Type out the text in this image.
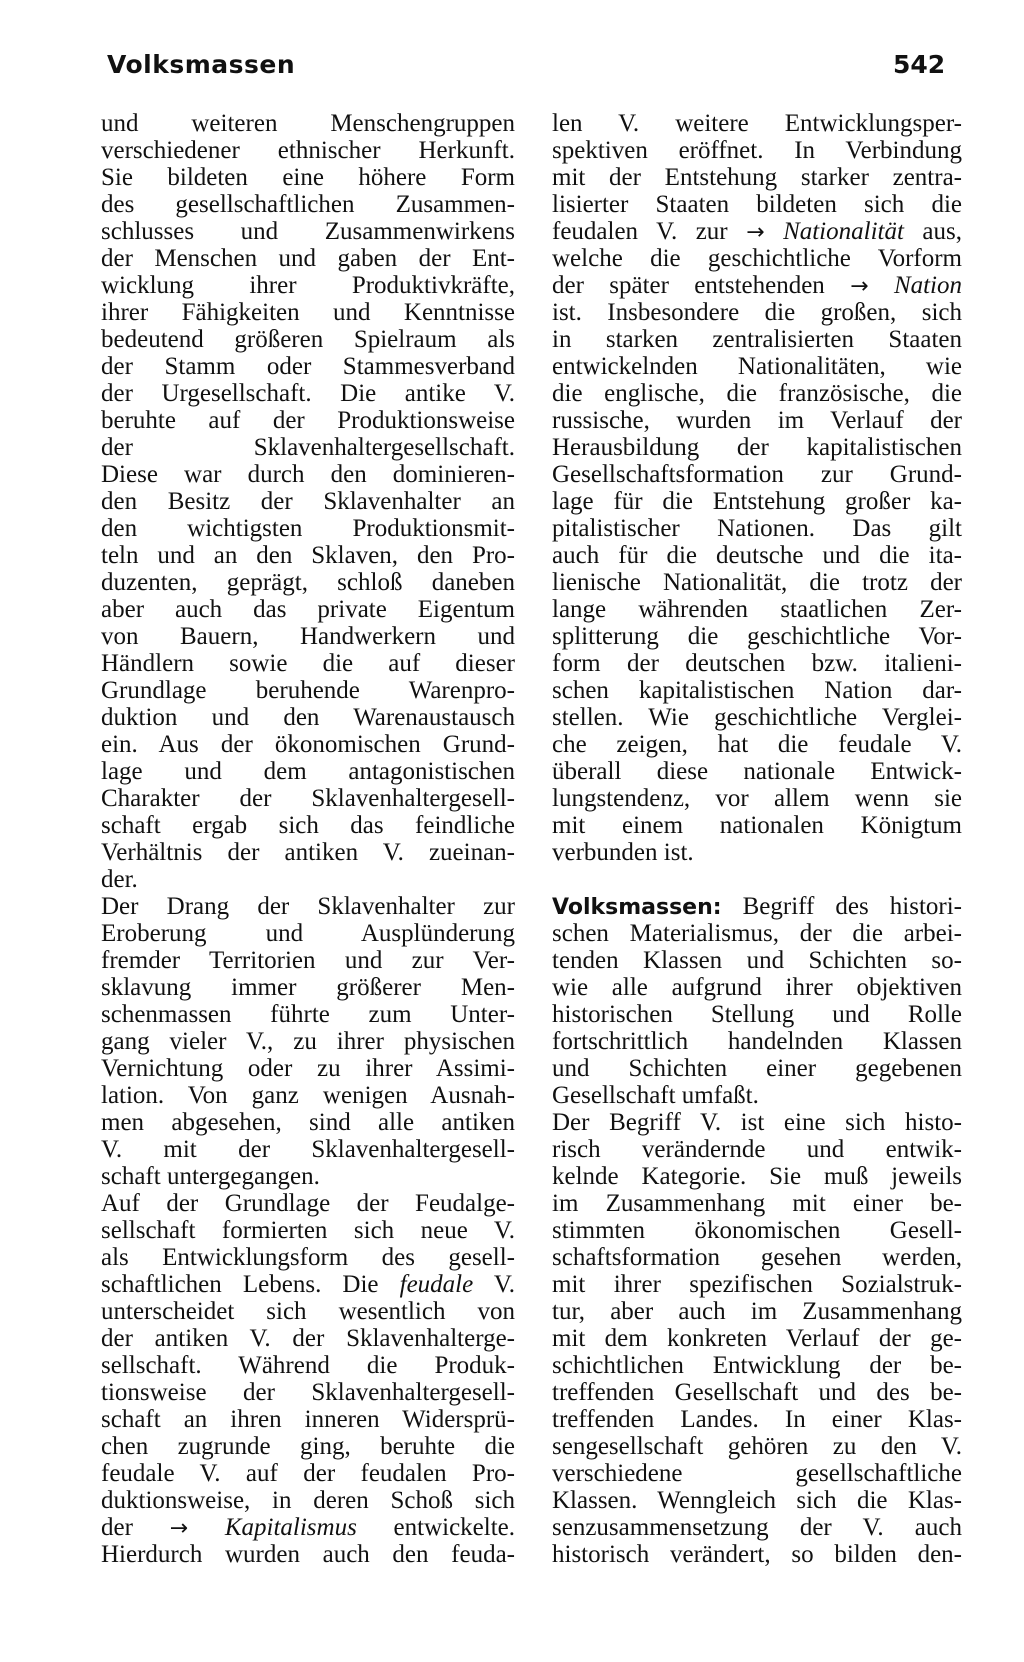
Volksmassen	542
und weiteren Menschengruppen
verschiedener ethnischer Herkunft.
Sie bildeten eine höhere Form
des gesellschaftlichen Zusammen-
schlusses und Zusammenwirkens
der Menschen und gaben der Ent-
wicklung ihrer Produktivkräfte,
ihrer Fähigkeiten und Kenntnisse
bedeutend größeren Spielraum als
der Stamm oder Stammesverband
der Urgesellschaft. Die antike V.
beruhte auf der Produktionsweise
der Sklavenhaltergesellschaft.
Diese war durch den dominieren-
den Besitz der Sklavenhalter an
den wichtigsten Produktionsmit-
teln und an den Sklaven, den Pro-
duzenten, geprägt, schloß daneben
aber auch das private Eigentum
von Bauern, Handwerkern und
Händlern sowie die auf dieser
Grundlage beruhende Warenpro-
duktion und den Warenaustausch
ein. Aus der ökonomischen Grund-
lage und dem antagonistischen
Charakter der Sklavenhaltergesell-
schaft ergab sich das feindliche
Verhältnis der antiken V. zueinan-
der.
Der Drang der Sklavenhalter zur
Eroberung und Ausplünderung
fremder Territorien und zur Ver-
sklavung immer größerer Men-
schenmassen führte zum Unter-
gang vieler V., zu ihrer physischen
Vernichtung oder zu ihrer Assimi-
lation. Von ganz wenigen Ausnah-
men abgesehen, sind alle antiken
V. mit der Sklavenhaltergesell-
schaft untergegangen.
Auf der Grundlage der Feudalge-
sellschaft formierten sich neue V.
als Entwicklungsform des gesell-
schaftlichen Lebens. Die feudale V.
unterscheidet sich wesentlich von
der antiken V. der Sklavenhalterge-
sellschaft. Während die Produk-
tionsweise der Sklavenhaltergesell-
schaft an ihren inneren Widersprü-
chen zugrunde ging, beruhte die
feudale V. auf der feudalen Pro-
duktionsweise, in deren Schoß sich
der → Kapitalismus entwickelte.
Hierdurch wurden auch den feuda-
len V. weitere Entwicklungsper-
spektiven eröffnet. In Verbindung
mit der Entstehung starker zentra-
lisierter Staaten bildeten sich die
feudalen V. zur → Nationalität aus,
welche die geschichtliche Vorform
der später entstehenden → Nation
ist. Insbesondere die großen, sich
in starken zentralisierten Staaten
entwickelnden Nationalitäten, wie
die englische, die französische, die
russische, wurden im Verlauf der
Herausbildung der kapitalistischen
Gesellschaftsformation zur Grund-
lage für die Entstehung großer ka-
pitalistischer Nationen. Das gilt
auch für die deutsche und die ita-
lienische Nationalität, die trotz der
lange währenden staatlichen Zer-
splitterung die geschichtliche Vor-
form der deutschen bzw. italieni-
schen kapitalistischen Nation dar-
stellen. Wie geschichtliche Verglei-
che zeigen, hat die feudale V.
überall diese nationale Entwick-
lungstendenz, vor allem wenn sie
mit einem nationalen Königtum
verbunden ist.
Volksmassen: Begriff des histori-
schen Materialismus, der die arbei-
tenden Klassen und Schichten so-
wie alle aufgrund ihrer objektiven
historischen Stellung und Rolle
fortschrittlich handelnden Klassen
und Schichten einer gegebenen
Gesellschaft umfaßt.
Der Begriff V. ist eine sich histo-
risch verändernde und entwik-
kelnde Kategorie. Sie muß jeweils
im Zusammenhang mit einer be-
stimmten ökonomischen Gesell-
schaftsformation gesehen werden,
mit ihrer spezifischen Sozialstruk-
tur, aber auch im Zusammenhang
mit dem konkreten Verlauf der ge-
schichtlichen Entwicklung der be-
treffenden Gesellschaft und des be-
treffenden Landes. In einer Klas-
sengesellschaft gehören zu den V.
verschiedene gesellschaftliche
Klassen. Wenngleich sich die Klas-
senzusammensetzung der V. auch
historisch verändert, so bilden den-
